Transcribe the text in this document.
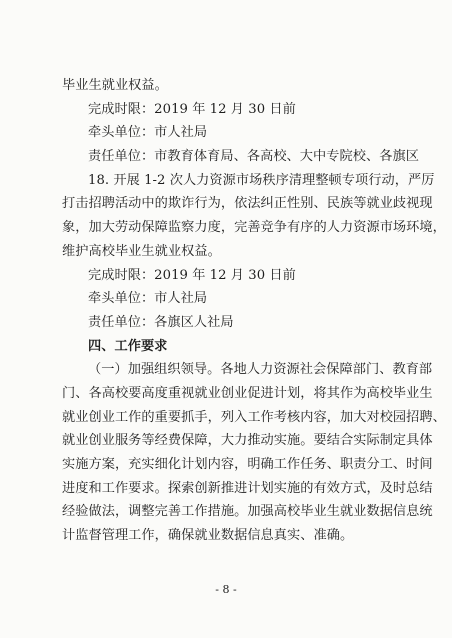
毕业生就业权益。
完成时限：2019 年 12 月 30 日前
牵头单位：市人社局
责任单位：市教育体育局、各高校、大中专院校、各旗区
18. 开展 1-2 次人力资源市场秩序清理整顿专项行动，严厉
打击招聘活动中的欺诈行为，依法纠正性别、民族等就业歧视现
象，加大劳动保障监察力度，完善竞争有序的人力资源市场环境，
维护高校毕业生就业权益。
完成时限：2019 年 12 月 30 日前
牵头单位：市人社局
责任单位：各旗区人社局
四、工作要求
（一）加强组织领导。各地人力资源社会保障部门、教育部
门、各高校要高度重视就业创业促进计划，将其作为高校毕业生
就业创业工作的重要抓手，列入工作考核内容，加大对校园招聘、
就业创业服务等经费保障，大力推动实施。要结合实际制定具体
实施方案，充实细化计划内容，明确工作任务、职责分工、时间
进度和工作要求。探索创新推进计划实施的有效方式，及时总结
经验做法，调整完善工作措施。加强高校毕业生就业数据信息统
计监督管理工作，确保就业数据信息真实、准确。
- 8 -
